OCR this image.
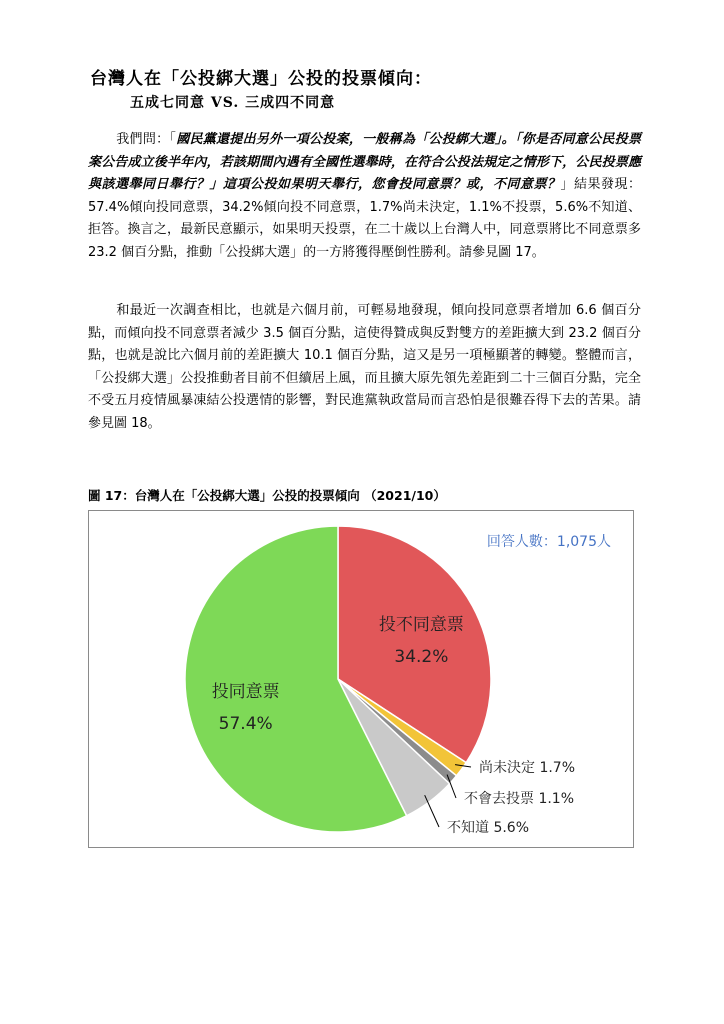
台灣人在「公投綁大選」公投的投票傾向：
五成七同意 VS. 三成四不同意
我們問：「國民黨還提出另外一項公投案，一般稱為「公投綁大選」。「你是否同意公民投票案公告成立後半年內，若該期間內遇有全國性選舉時，在符合公投法規定之情形下，公民投票應與該選舉同日舉行？」這項公投如果明天舉行，您會投同意票？或，不同意票？」結果發現：57.4%傾向投同意票，34.2%傾向投不同意票，1.7%尚未決定，1.1%不投票，5.6%不知道、拒答。換言之，最新民意顯示，如果明天投票，在二十歲以上台灣人中，同意票將比不同意票多 23.2 個百分點，推動「公投綁大選」的一方將獲得壓倒性勝利。請參見圖 17。
和最近一次調查相比，也就是六個月前，可輕易地發現，傾向投同意票者增加 6.6 個百分點，而傾向投不同意票者減少 3.5 個百分點，這使得贊成與反對雙方的差距擴大到 23.2 個百分點，也就是說比六個月前的差距擴大 10.1 個百分點，這又是另一項極顯著的轉變。整體而言，「公投綁大選」公投推動者目前不但續居上風，而且擴大原先領先差距到二十三個百分點，完全不受五月疫情風暴凍結公投選情的影響，對民進黨執政當局而言恐怕是很難吞得下去的苦果。請參見圖 18。
圖 17：台灣人在「公投綁大選」公投的投票傾向 （2021/10）
投不同意票
34.2%
投同意票
57.4%
尚未決定 1.7%
不會去投票 1.1%
不知道 5.6%
回答人數：1,075人
